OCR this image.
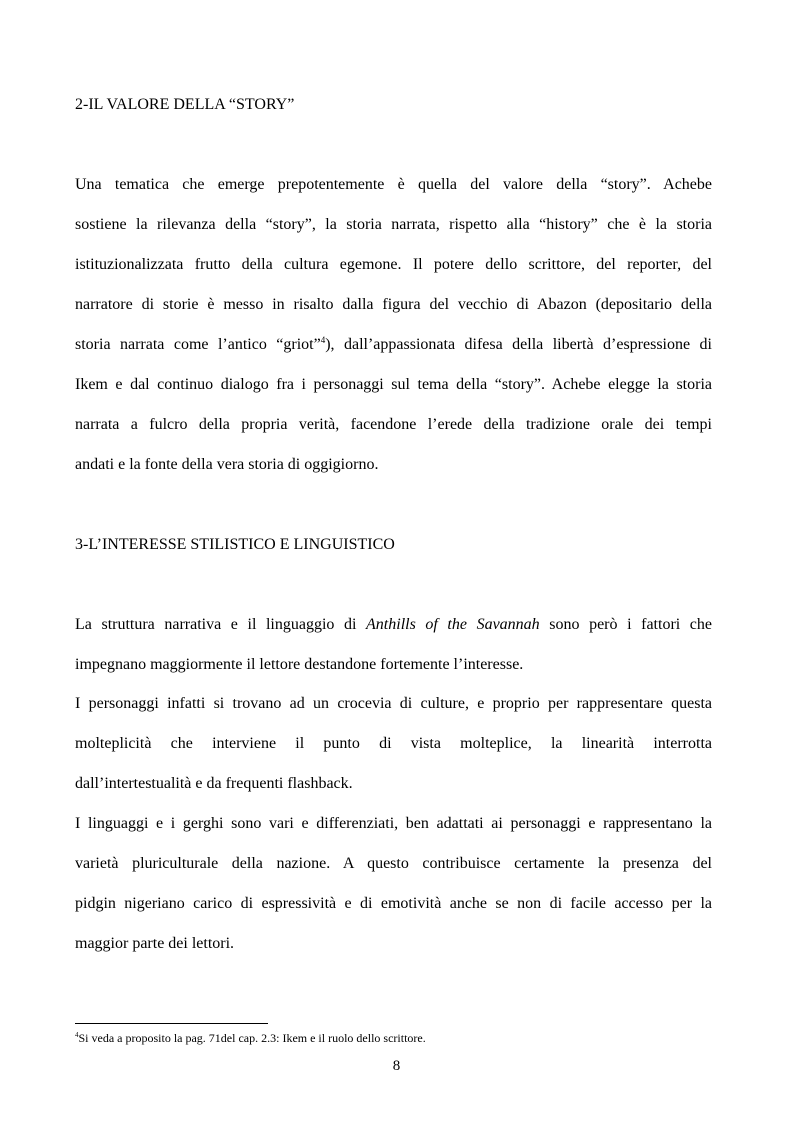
2-IL VALORE DELLA “STORY”
Una tematica che emerge prepotentemente è quella del valore della “story”. Achebe
sostiene la rilevanza della “story”, la storia narrata, rispetto alla “history” che è la storia
istituzionalizzata frutto della cultura egemone. Il potere dello scrittore, del reporter, del
narratore di storie è messo in risalto dalla figura del vecchio di Abazon (depositario della
storia narrata come l’antico “griot”$^4$), dall’appassionata difesa della libertà d’espressione di
Ikem e dal continuo dialogo fra i personaggi sul tema della “story”. Achebe elegge la storia
narrata a fulcro della propria verità, facendone l’erede della tradizione orale dei tempi
andati e la fonte della vera storia di oggigiorno.
3-L’INTERESSE STILISTICO E LINGUISTICO
La struttura narrativa e il linguaggio di Anthills of the Savannah sono però i fattori che
impegnano maggiormente il lettore destandone fortemente l’interesse.
I personaggi infatti si trovano ad un crocevia di culture, e proprio per rappresentare questa
molteplicità che interviene il punto di vista molteplice, la linearità interrotta
dall’intertestualità e da frequenti flashback.
I linguaggi e i gerghi sono vari e differenziati, ben adattati ai personaggi e rappresentano la
varietà pluriculturale della nazione. A questo contribuisce certamente la presenza del
pidgin nigeriano carico di espressività e di emotività anche se non di facile accesso per la
maggior parte dei lettori.
$^4$Si veda a proposito la pag. 71del cap. 2.3: Ikem e il ruolo dello scrittore.
8
